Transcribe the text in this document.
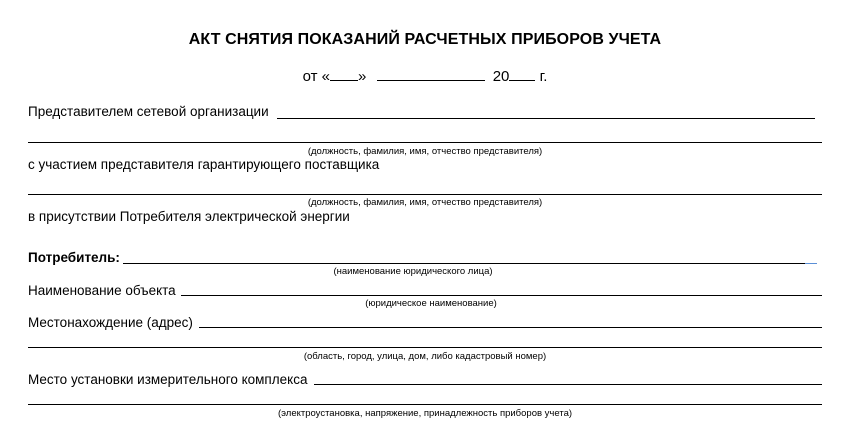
АКТ СНЯТИЯ ПОКАЗАНИЙ РАСЧЕТНЫХ ПРИБОРОВ УЧЕТА
от « »	20 г.
Представителем сетевой организации
(должность, фамилия, имя, отчество представителя)
с участием представителя гарантирующего поставщика
(должность, фамилия, имя, отчество представителя)
в присутствии Потребителя электрической энергии
Потребитель:
(наименование юридического лица)
Наименование объекта
(юридическое наименование)
Местонахождение (адрес)
(область, город, улица, дом, либо кадастровый номер)
Место установки измерительного комплекса
(электроустановка, напряжение, принадлежность приборов учета)
